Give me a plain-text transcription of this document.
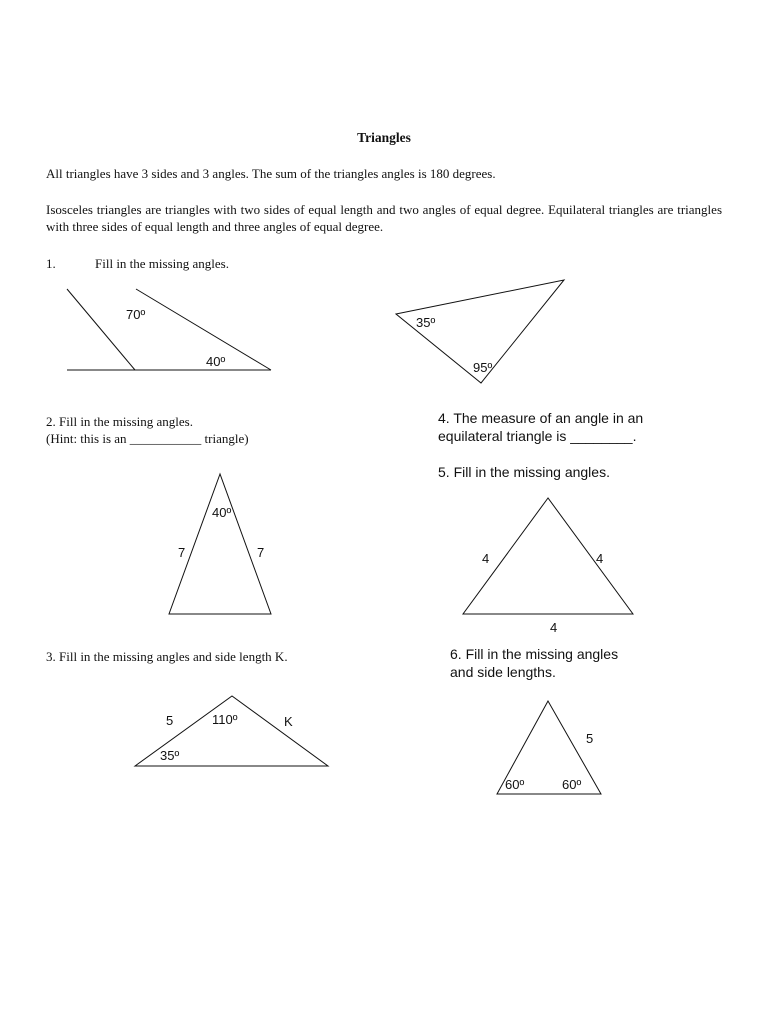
Triangles
All triangles have 3 sides and 3 angles. The sum of the triangles angles is 180 degrees.
Isosceles triangles are triangles with two sides of equal length and two angles of equal degree. Equilateral triangles are triangles with three sides of equal length and three angles of equal degree.
1.	Fill in the missing angles.
2. Fill in the missing angles.
(Hint: this is an ___________ triangle)
3. Fill in the missing angles and side length K.
4. The measure of an angle in an
equilateral triangle is ________.
5. Fill in the missing angles.
6. Fill in the missing angles
and side lengths.
70º
40º
35º
95º
40º
7	7	4	4
4
5	110º	K
35º
5
60º	60º
